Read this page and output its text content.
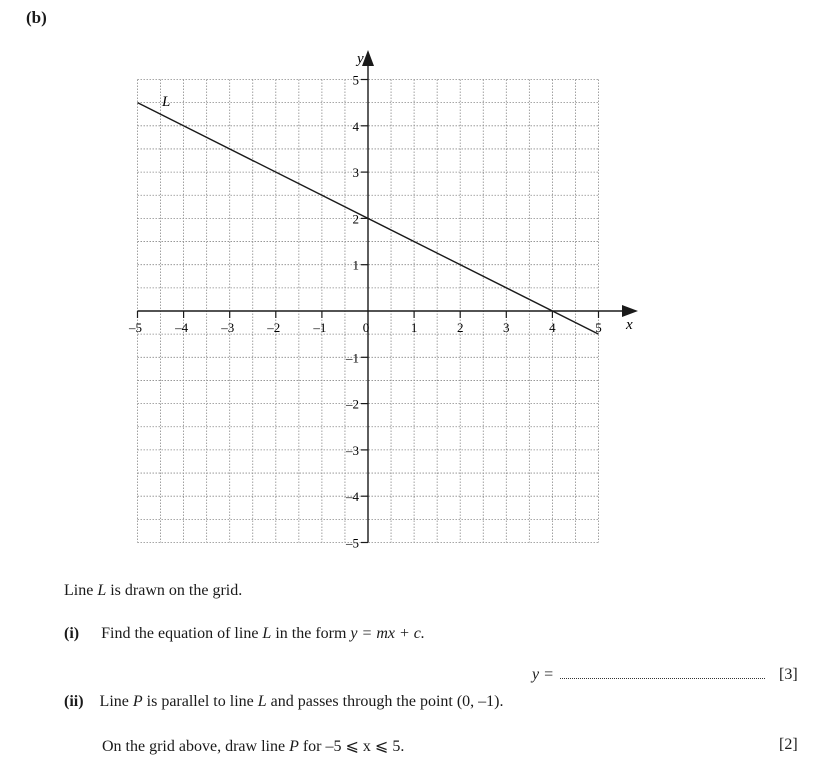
(b)
x
y
–5	–4	–3	–2	–1	0	1	2	3	4	5
–5
–4
–3
–2
–1
1
2
3
4
5
L
Line L is drawn on the grid.
(i) Find the equation of line L in the form y = mx + c.
y =	[3]
(ii) Line P is parallel to line L and passes through the point (0, –1).
On the grid above, draw line P for –5 ⩽ x ⩽ 5.	[2]
